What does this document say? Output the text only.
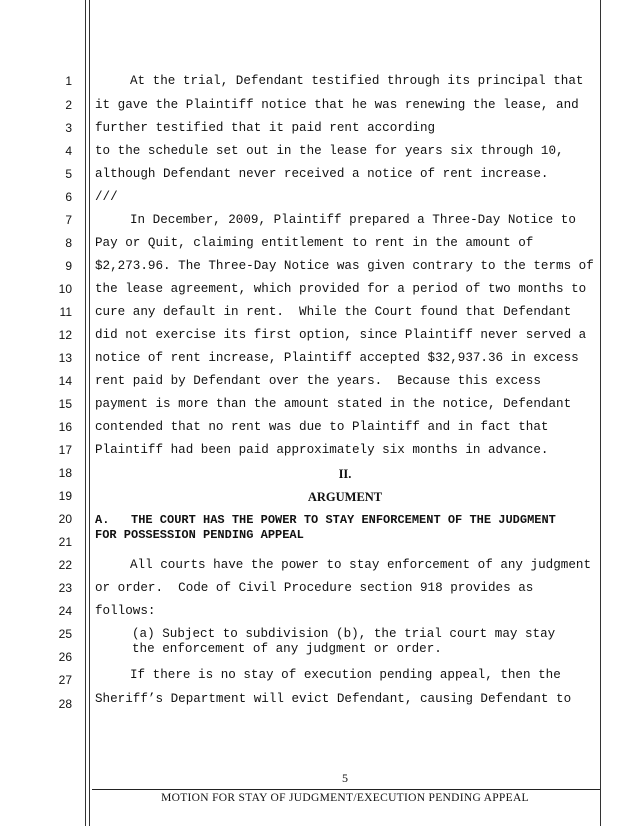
1
2
3
4
5
6
7
8
9
10
11
12
13
14
15
16
17
18
19
20
21
22
23
24
25
26
27
28
At the trial, Defendant testified through its principal that
it gave the Plaintiff notice that he was renewing the lease, and
further testified that it paid rent according
to the schedule set out in the lease for years six through 10,
although Defendant never received a notice of rent increase.
///
In December, 2009, Plaintiff prepared a Three-Day Notice to
Pay or Quit, claiming entitlement to rent in the amount of
$2,273.96. The Three-Day Notice was given contrary to the terms of
the lease agreement, which provided for a period of two months to
cure any default in rent.  While the Court found that Defendant
did not exercise its first option, since Plaintiff never served a
notice of rent increase, Plaintiff accepted $32,937.36 in excess
rent paid by Defendant over the years.  Because this excess
payment is more than the amount stated in the notice, Defendant
contended that no rent was due to Plaintiff and in fact that
Plaintiff had been paid approximately six months in advance.
II.
ARGUMENT
A.   THE COURT HAS THE POWER TO STAY ENFORCEMENT OF THE JUDGMENT
FOR POSSESSION PENDING APPEAL
All courts have the power to stay enforcement of any judgment
or order.  Code of Civil Procedure section 918 provides as
follows:
(a) Subject to subdivision (b), the trial court may stay
the enforcement of any judgment or order.
If there is no stay of execution pending appeal, then the
Sheriff’s Department will evict Defendant, causing Defendant to
5
MOTION FOR STAY OF JUDGMENT/EXECUTION PENDING APPEAL
